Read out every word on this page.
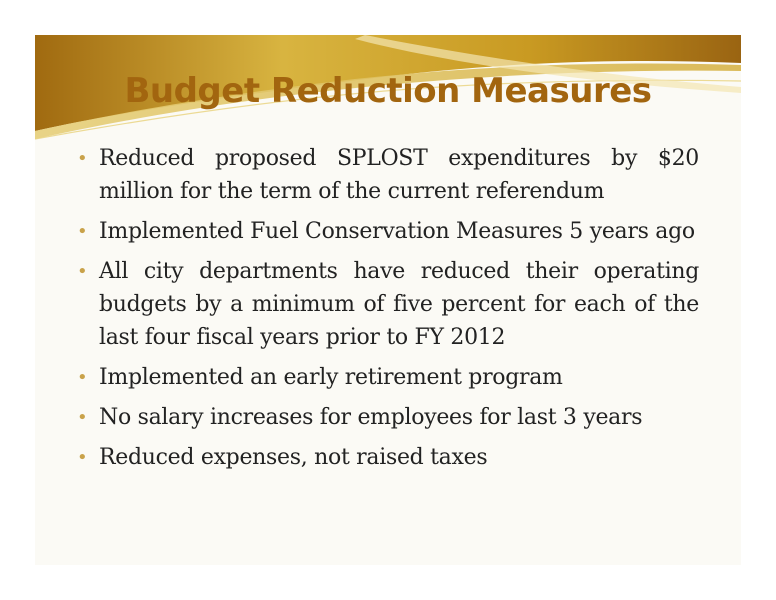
Budget Reduction Measures
• Reduced proposed SPLOST expenditures by $20 million for the term of the current referendum
• Implemented Fuel Conservation Measures 5 years ago
• All city departments have reduced their operating budgets by a minimum of five percent for each of the last four fiscal years prior to FY 2012
• Implemented an early retirement program
• No salary increases for employees for last 3 years
• Reduced expenses, not raised taxes
